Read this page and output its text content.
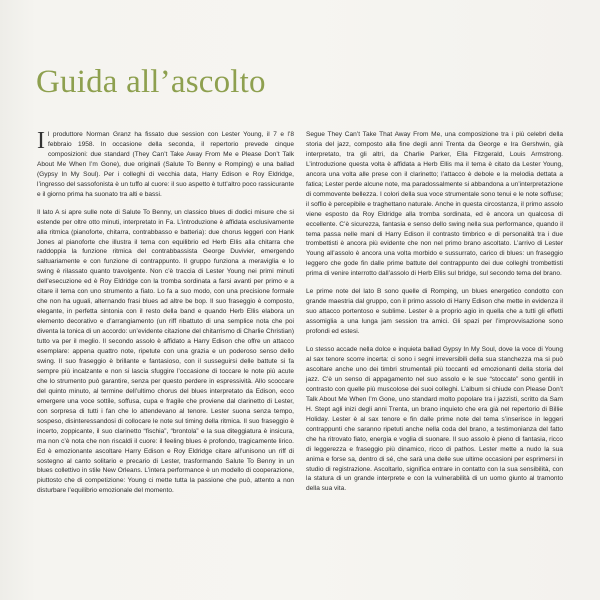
Guida all’ascolto

Il produttore Norman Granz ha fissato due session con Lester Young, il 7 e l’8 febbraio 1958. In occasione della seconda, il repertorio prevede cinque composizioni: due standard (They Can’t Take Away From Me e Please Don’t Talk About Me When I’m Gone), due originali (Salute To Benny e Romping) e una ballad (Gypsy In My Soul). Per i colleghi di vecchia data, Harry Edison e Roy Eldridge, l’ingresso del sassofonista è un tuffo al cuore: il suo aspetto è tutt’altro poco rassicurante e il giorno prima ha suonato tra alti e bassi.

Il lato A si apre sulle note di Salute To Benny, un classico blues di dodici misure che si estende per oltre otto minuti, interpretato in Fa. L’introduzione è affidata esclusivamente alla ritmica (pianoforte, chitarra, contrabbasso e batteria): due chorus leggeri con Hank Jones al pianoforte che illustra il tema con equilibrio ed Herb Ellis alla chitarra che raddoppia la funzione ritmica del contrabbassista George Duvivier, emergendo saltuariamente e con funzione di contrappunto. Il gruppo funziona a meraviglia e lo swing è rilassato quanto travolgente. Non c’è traccia di Lester Young nei primi minuti dell’esecuzione ed è Roy Eldridge con la tromba sordinata a farsi avanti per primo e a citare il tema con uno strumento a fiato. Lo fa a suo modo, con una precisione formale che non ha uguali, alternando frasi blues ad altre be bop. Il suo fraseggio è composto, elegante, in perfetta sintonia con il resto della band e quando Herb Ellis elabora un elemento decorativo e d’arrangiamento (un riff ribattuto di una semplice nota che poi diventa la tonica di un accordo: un’evidente citazione del chitarrismo di Charlie Christian) tutto va per il meglio. Il secondo assolo è affidato a Harry Edison che offre un attacco esemplare: appena quattro note, ripetute con una grazia e un poderoso senso dello swing. Il suo fraseggio è brillante e fantasioso, con il susseguirsi delle battute si fa sempre più incalzante e non si lascia sfuggire l’occasione di toccare le note più acute che lo strumento può garantire, senza per questo perdere in espressività. Allo scoccare del quinto minuto, al termine dell’ultimo chorus del blues interpretato da Edison, ecco emergere una voce sottile, soffusa, cupa e fragile che proviene dal clarinetto di Lester, con sorpresa di tutti i fan che lo attendevano al tenore. Lester suona senza tempo, sospeso, disinteressandosi di collocare le note sul timing della ritmica. Il suo fraseggio è incerto, zoppicante, il suo clarinetto “fischia”, “brontola” e la sua diteggiatura è insicura, ma non c’è nota che non riscaldi il cuore: il feeling blues è profondo, tragicamente lirico. Ed è emozionante ascoltare Harry Edison e Roy Eldridge citare all’unisono un riff di sostegno al canto solitario e precario di Lester, trasformando Salute To Benny in un blues collettivo in stile New Orleans. L’intera performance è un modello di cooperazione, piuttosto che di competizione: Young ci mette tutta la passione che può, attento a non disturbare l’equilibrio emozionale del momento.

Segue They Can’t Take That Away From Me, una composizione tra i più celebri della storia del jazz, composto alla fine degli anni Trenta da George e Ira Gershwin, già interpretato, tra gli altri, da Charlie Parker, Ella Fitzgerald, Louis Armstrong. L’introduzione questa volta è affidata a Herb Ellis ma il tema è citato da Lester Young, ancora una volta alle prese con il clarinetto; l’attacco è debole e la melodia dettata a fatica; Lester perde alcune note, ma paradossalmente si abbandona a un’interpretazione di commovente bellezza. I colori della sua voce strumentale sono tenui e le note soffuse; il soffio è percepibile e traghettano naturale. Anche in questa circostanza, il primo assolo viene esposto da Roy Eldridge alla tromba sordinata, ed è ancora un qualcosa di eccellente. C’è sicurezza, fantasia e senso dello swing nella sua performance, quando il tema passa nelle mani di Harry Edison il contrasto timbrico e di personalità tra i due trombettisti è ancora più evidente che non nel primo brano ascoltato. L’arrivo di Lester Young all’assolo è ancora una volta morbido e sussurrato, carico di blues: un fraseggio leggero che gode fin dalle prime battute del contrappunto dei due colleghi trombettisti prima di venire interrotto dall’assolo di Herb Ellis sul bridge, sul secondo tema del brano.

Le prime note del lato B sono quelle di Romping, un blues energetico condotto con grande maestria dal gruppo, con il primo assolo di Harry Edison che mette in evidenza il suo attacco portentoso e sublime. Lester è a proprio agio in quella che a tutti gli effetti assomiglia a una lunga jam session tra amici. Gli spazi per l’improvvisazione sono profondi ed estesi.

Lo stesso accade nella dolce e inquieta ballad Gypsy In My Soul, dove la voce di Young al sax tenore scorre incerta: ci sono i segni irreversibili della sua stanchezza ma si può ascoltare anche uno dei timbri strumentali più toccanti ed emozionanti della storia del jazz. C’è un senso di appagamento nel suo assolo e le sue “stoccate” sono gentili in contrasto con quelle più muscolose dei suoi colleghi. L’album si chiude con Please Don’t Talk About Me When I’m Gone, uno standard molto popolare tra i jazzisti, scritto da Sam H. Stept agli inizi degli anni Trenta, un brano inquieto che era già nel repertorio di Billie Holiday. Lester è al sax tenore e fin dalle prime note del tema s’inserisce in leggeri contrappunti che saranno ripetuti anche nella coda del brano, a testimonianza del fatto che ha ritrovato fiato, energia e voglia di suonare. Il suo assolo è pieno di fantasia, ricco di leggerezza e fraseggio più dinamico, ricco di pathos. Lester mette a nudo la sua anima e forse sa, dentro di sé, che sarà una delle sue ultime occasioni per esprimersi in studio di registrazione. Ascoltarlo, significa entrare in contatto con la sua sensibilità, con la statura di un grande interprete e con la vulnerabilità di un uomo giunto al tramonto della sua vita.
